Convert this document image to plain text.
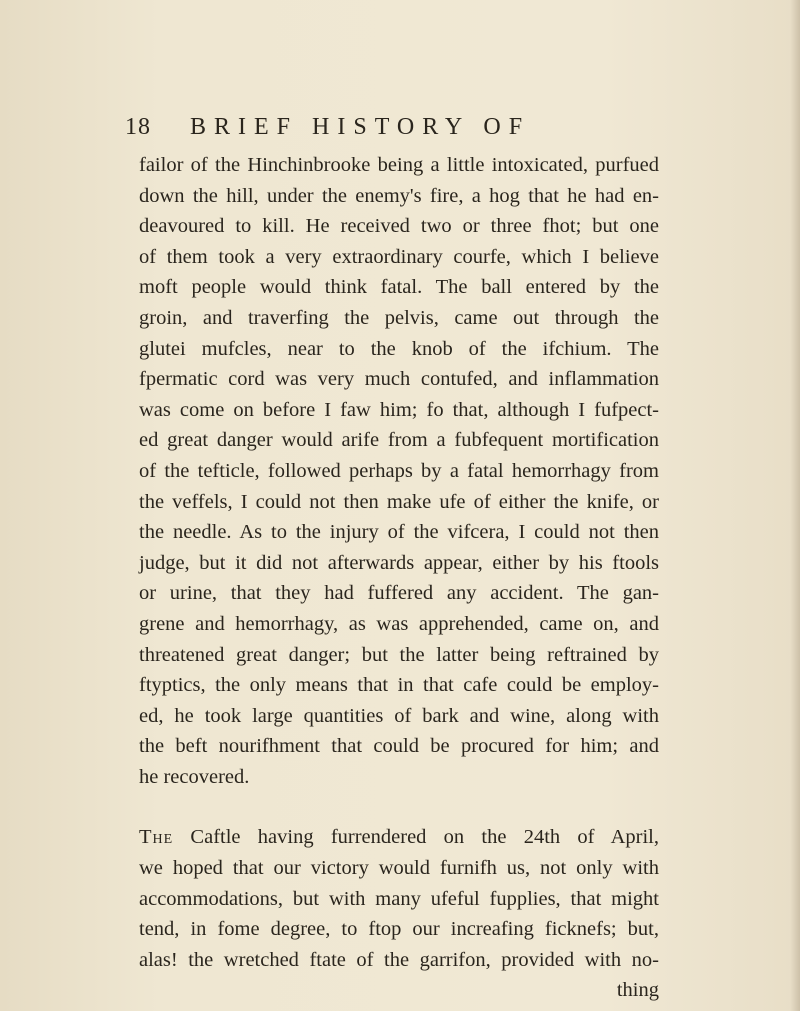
18 BRIEF HISTORY OF
failor of the Hinchinbrooke being a little intoxicated, purfued
down the hill, under the enemy's fire, a hog that he had en-
deavoured to kill. He received two or three fhot; but one
of them took a very extraordinary courfe, which I believe
moft people would think fatal. The ball entered by the
groin, and traverfing the pelvis, came out through the
glutei mufcles, near to the knob of the ifchium. The
fpermatic cord was very much contufed, and inflammation
was come on before I faw him; fo that, although I fufpect-
ed great danger would arife from a fubfequent mortification
of the tefticle, followed perhaps by a fatal hemorrhagy from
the veffels, I could not then make ufe of either the knife, or
the needle. As to the injury of the vifcera, I could not then
judge, but it did not afterwards appear, either by his ftools
or urine, that they had fuffered any accident. The gan-
grene and hemorrhagy, as was apprehended, came on, and
threatened great danger; but the latter being reftrained by
ftyptics, the only means that in that cafe could be employ-
ed, he took large quantities of bark and wine, along with
the beft nourifhment that could be procured for him; and
he recovered.
The Caftle having furrendered on the 24th of April,
we hoped that our victory would furnifh us, not only with
accommodations, but with many ufeful fupplies, that might
tend, in fome degree, to ftop our increafing ficknefs; but,
alas! the wretched ftate of the garrifon, provided with no-
thing
